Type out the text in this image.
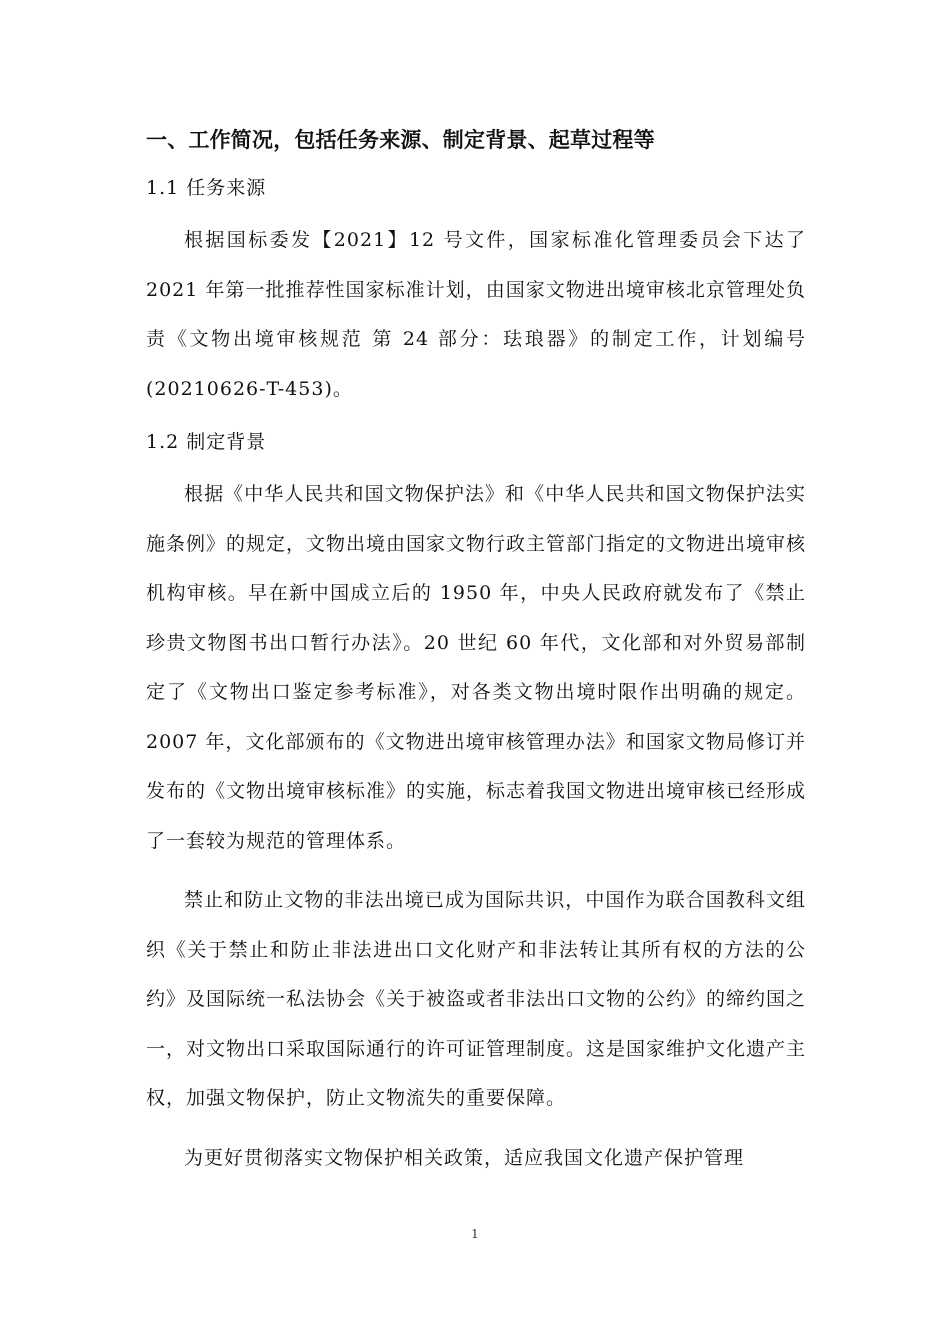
一、工作简况，包括任务来源、制定背景、起草过程等
1.1 任务来源

根据国标委发【2021】12 号文件，国家标准化管理委员会下达了 2021 年第一批推荐性国家标准计划，由国家文物进出境审核北京管理处负责《文物出境审核规范 第 24 部分：珐琅器》的制定工作，计划编号(20210626-T-453)。

1.2 制定背景

根据《中华人民共和国文物保护法》和《中华人民共和国文物保护法实施条例》的规定，文物出境由国家文物行政主管部门指定的文物进出境审核机构审核。早在新中国成立后的 1950 年，中央人民政府就发布了《禁止珍贵文物图书出口暂行办法》。20 世纪 60 年代，文化部和对外贸易部制定了《文物出口鉴定参考标准》，对各类文物出境时限作出明确的规定。2007 年，文化部颁布的《文物进出境审核管理办法》和国家文物局修订并发布的《文物出境审核标准》的实施，标志着我国文物进出境审核已经形成了一套较为规范的管理体系。

禁止和防止文物的非法出境已成为国际共识，中国作为联合国教科文组织《关于禁止和防止非法进出口文化财产和非法转让其所有权的方法的公约》及国际统一私法协会《关于被盗或者非法出口文物的公约》的缔约国之一，对文物出口采取国际通行的许可证管理制度。这是国家维护文化遗产主权，加强文物保护，防止文物流失的重要保障。

为更好贯彻落实文物保护相关政策，适应我国文化遗产保护管理

1
